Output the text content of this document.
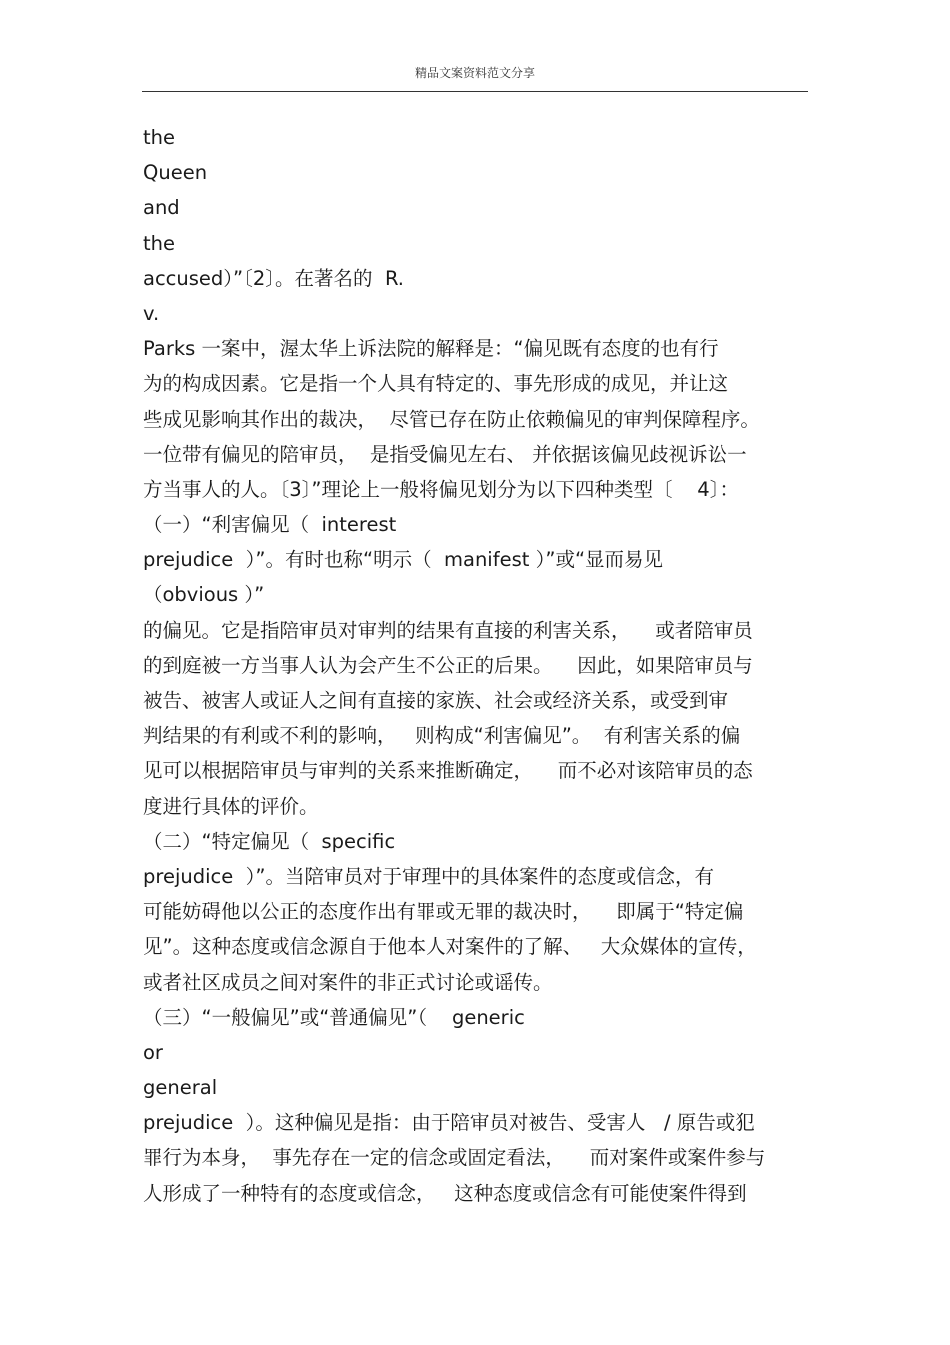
精品文案资料范文分享
the
Queen
and
the
accused）”〔2〕。在著名的  R.
v.
Parks 一案中，渥太华上诉法院的解释是：“偏见既有态度的也有行
为的构成因素。它是指一个人具有特定的、事先形成的成见，并让这
些成见影响其作出的裁决，  尽管已存在防止依赖偏见的审判保障程序。
一位带有偏见的陪审员，  是指受偏见左右、 并依据该偏见歧视诉讼一
方当事人的人。〔3〕”理论上一般将偏见划分为以下四种类型〔    4〕：
（一）“利害偏见（  interest
prejudice  ）”。有时也称“明示（  manifest ）”或“显而易见
（obvious ）”
的偏见。它是指陪审员对审判的结果有直接的利害关系，    或者陪审员
的到庭被一方当事人认为会产生不公正的后果。    因此，如果陪审员与
被告、被害人或证人之间有直接的家族、社会或经济关系，或受到审
判结果的有利或不利的影响，   则构成“利害偏见”。  有利害关系的偏
见可以根据陪审员与审判的关系来推断确定，    而不必对该陪审员的态
度进行具体的评价。
（二）“特定偏见（  specific
prejudice  ）”。当陪审员对于审理中的具体案件的态度或信念，有
可能妨碍他以公正的态度作出有罪或无罪的裁决时，    即属于“特定偏
见”。这种态度或信念源自于他本人对案件的了解、   大众媒体的宣传，
或者社区成员之间对案件的非正式讨论或谣传。
（三）“一般偏见”或“普通偏见”（    generic
or
general
prejudice  ）。这种偏见是指：由于陪审员对被告、受害人   / 原告或犯
罪行为本身，  事先存在一定的信念或固定看法，    而对案件或案件参与
人形成了一种特有的态度或信念，   这种态度或信念有可能使案件得到
